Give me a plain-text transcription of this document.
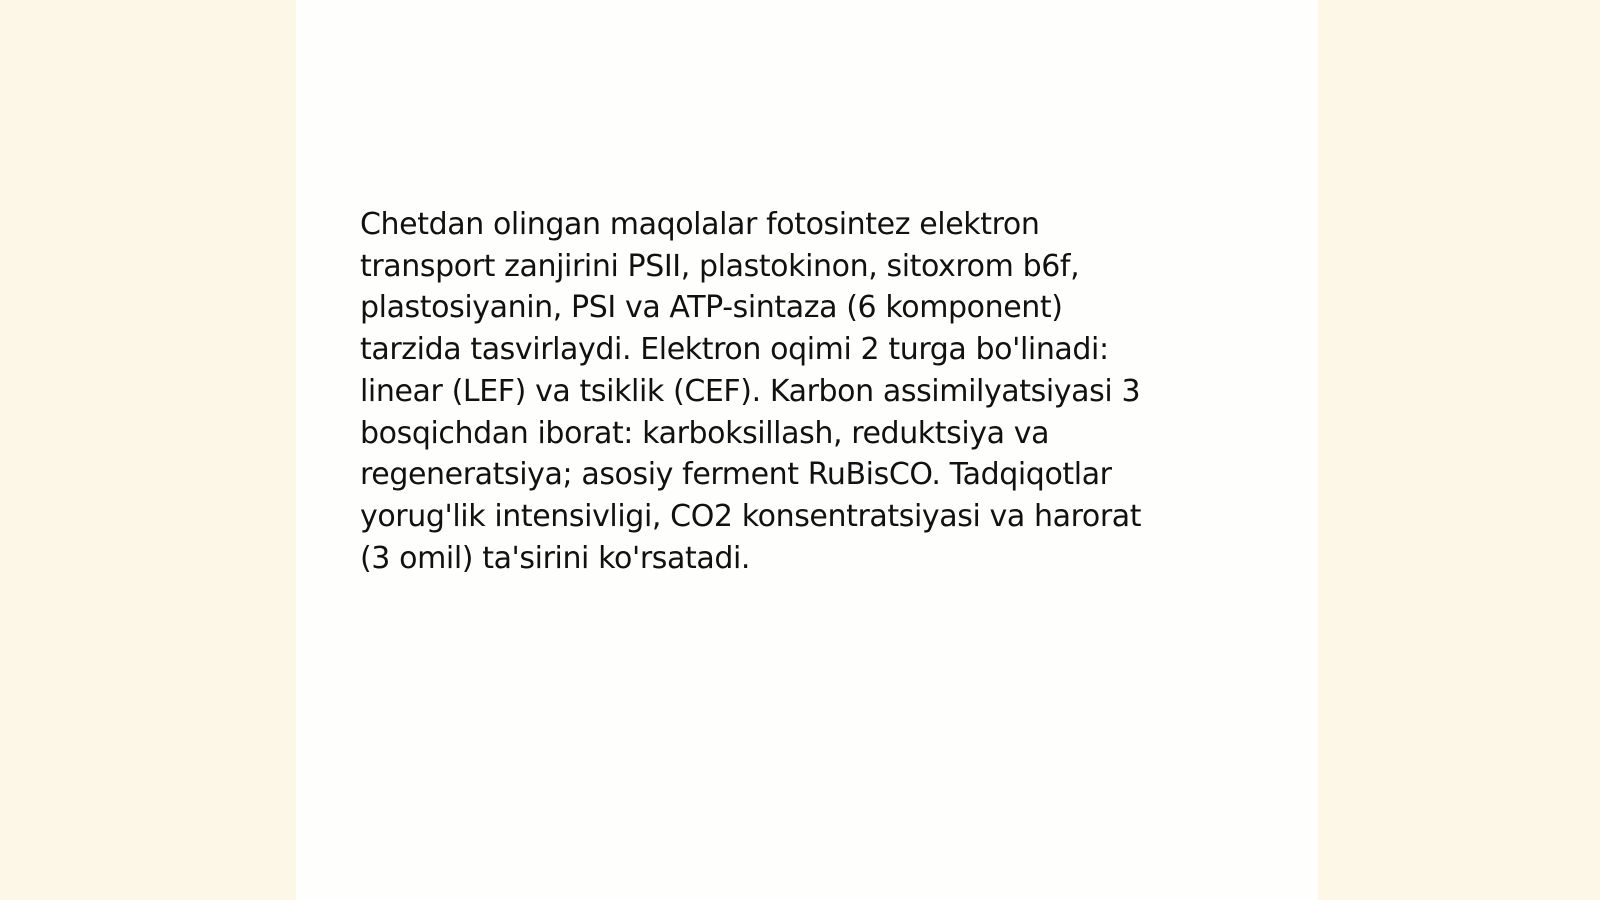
Chetdan olingan maqolalar fotosintez elektron
transport zanjirini PSII, plastokinon, sitoxrom b6f,
plastosiyanin, PSI va ATP-sintaza (6 komponent)
tarzida tasvirlaydi. Elektron oqimi 2 turga bo'linadi:
linear (LEF) va tsiklik (CEF). Karbon assimilyatsiyasi 3
bosqichdan iborat: karboksillash, reduktsiya va
regeneratsiya; asosiy ferment RuBisCO. Tadqiqotlar
yorug'lik intensivligi, CO2 konsentratsiyasi va harorat
(3 omil) ta'sirini ko'rsatadi.
